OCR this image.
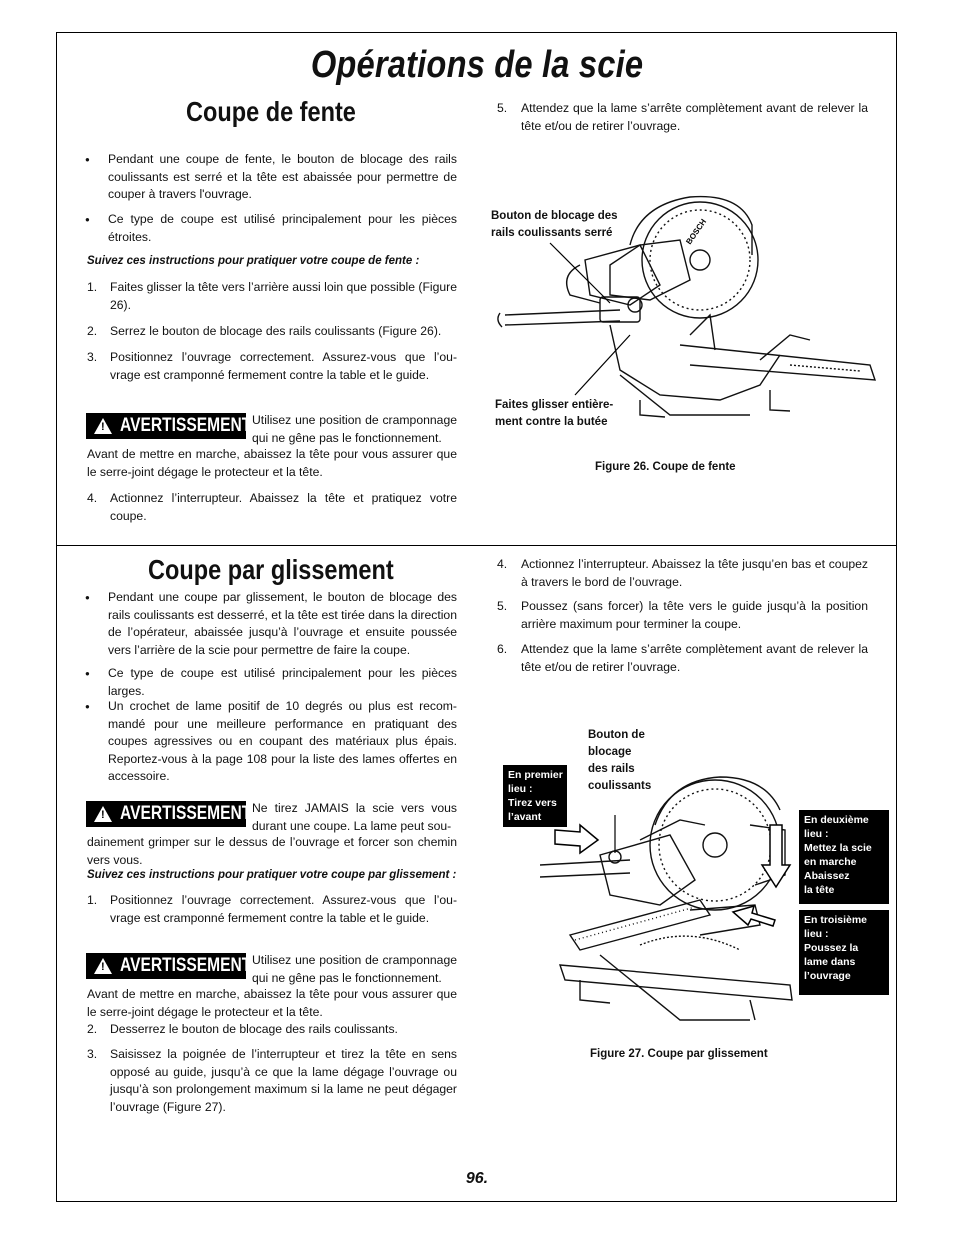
Opérations de la scie
Coupe de fente

● Pendant une coupe de fente, le bouton de blocage des rails coulissants est serré et la tête est abaissée pour permettre de couper à travers l'ouvrage.

● Ce type de coupe est utilisé principalement pour les pièces étroites.

Suivez ces instructions pour pratiquer votre coupe de fente :

1. Faites glisser la tête vers l’arrière aussi loin que possible (Figure 26).

2. Serrez le bouton de blocage des rails coulissants (Figure 26).

3. Positionnez l’ouvrage correctement. Assurez-vous que l’ou- vrage est cramponné fermement contre la table et le guide.

! AVERTISSEMENT Utilisez une position de cramponnage qui ne gêne pas le fonctionnement.

Avant de mettre en marche, abaissez la tête pour vous assurer que le serre-joint dégage le protecteur et la tête.

4. Actionnez l’interrupteur. Abaissez la tête et pratiquez votre coupe.

5. Attendez que la lame s’arrête complètement avant de relever la tête et/ou de retirer l’ouvrage.

Bouton de blocage des
rails coulissants serré
Faites glisser entière-
ment contre la butée
BOSCH
Figure 26. Coupe de fente
Coupe par glissement

● Pendant une coupe par glissement, le bouton de blocage des rails coulissants est desserré, et la tête est tirée dans la direction de l’opérateur, abaissée jusqu’à l’ouvrage et ensuite poussée vers l’arrière de la scie pour permettre de faire la coupe.

● Ce type de coupe est utilisé principalement pour les pièces larges.

● Un crochet de lame positif de 10 degrés ou plus est recom- mandé pour une meilleure performance en pratiquant des coupes agressives ou en coupant des matériaux plus épais. Reportez-vous à la page 108 pour la liste des lames offertes en accessoire.

! AVERTISSEMENT Ne tirez JAMAIS la scie vers vous durant une coupe. La lame peut sou-

dainement grimper sur le dessus de l’ouvrage et forcer son chemin vers vous.

Suivez ces instructions pour pratiquer votre coupe par glissement :

1. Positionnez l’ouvrage correctement. Assurez-vous que l’ou- vrage est cramponné fermement contre la table et le guide.

! AVERTISSEMENT Utilisez une position de cramponnage qui ne gêne pas le fonctionnement.

Avant de mettre en marche, abaissez la tête pour vous assurer que le serre-joint dégage le protecteur et la tête.

2. Desserrez le bouton de blocage des rails coulissants.

3. Saisissez la poignée de l’interrupteur et tirez la tête en sens opposé au guide, jusqu’à ce que la lame dégage l’ouvrage ou jusqu’à son prolongement maximum si la lame ne peut dégager l’ouvrage (Figure 27).

4. Actionnez l’interrupteur. Abaissez la tête jusqu’en bas et coupez à travers le bord de l’ouvrage.

5. Poussez (sans forcer) la tête vers le guide jusqu’à la position arrière maximum pour terminer la coupe.

6. Attendez que la lame s’arrête complètement avant de relever la tête et/ou de retirer l’ouvrage.

Bouton de
blocage
des rails
coulissants
En premier
lieu :
Tirez vers
l’avant	En deuxième
lieu :
Mettez la scie
en marche
Abaissez
la tête
En troisième
lieu :
Poussez la
lame dans
l’ouvrage
Figure 27. Coupe par glissement
96.
